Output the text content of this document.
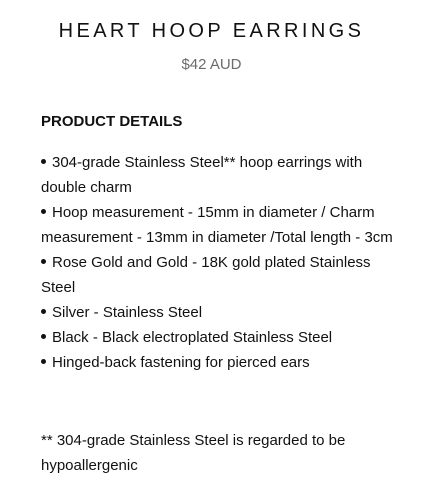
HEART HOOP EARRINGS
$42 AUD
PRODUCT DETAILS
304-grade Stainless Steel** hoop earrings with double charm
Hoop measurement - 15mm in diameter / Charm measurement - 13mm in diameter /Total length - 3cm
Rose Gold and Gold - 18K gold plated Stainless Steel
Silver - Stainless Steel
Black - Black electroplated Stainless Steel
Hinged-back fastening for pierced ears
** 304-grade Stainless Steel is regarded to be hypoallergenic
